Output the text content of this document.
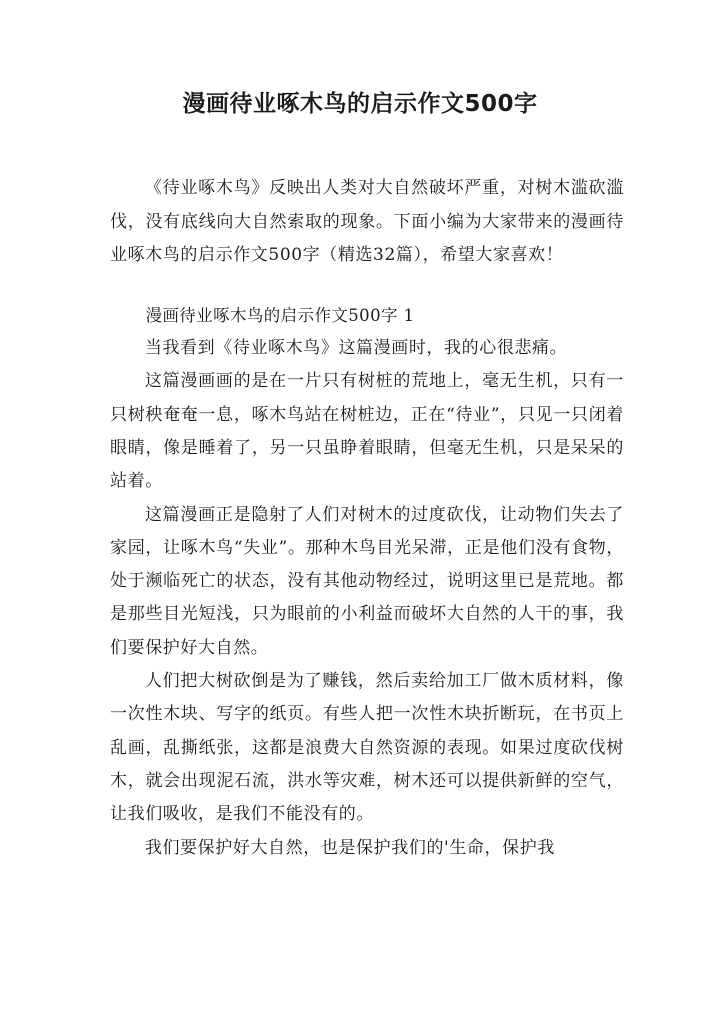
漫画待业啄木鸟的启示作文500字

《待业啄木鸟》反映出人类对大自然破坏严重，对树木滥砍滥伐，没有底线向大自然索取的现象。下面小编为大家带来的漫画待业啄木鸟的启示作文500字（精选32篇），希望大家喜欢！

漫画待业啄木鸟的启示作文500字 1

当我看到《待业啄木鸟》这篇漫画时，我的心很悲痛。

这篇漫画画的是在一片只有树桩的荒地上，毫无生机，只有一只树秧奄奄一息，啄木鸟站在树桩边，正在“待业”，只见一只闭着眼睛，像是睡着了，另一只虽睁着眼睛，但毫无生机，只是呆呆的站着。

这篇漫画正是隐射了人们对树木的过度砍伐，让动物们失去了家园，让啄木鸟“失业”。那种木鸟目光呆滞，正是他们没有食物，处于濒临死亡的状态，没有其他动物经过，说明这里已是荒地。都是那些目光短浅，只为眼前的小利益而破坏大自然的人干的事，我们要保护好大自然。

人们把大树砍倒是为了赚钱，然后卖给加工厂做木质材料，像一次性木块、写字的纸页。有些人把一次性木块折断玩，在书页上乱画，乱撕纸张，这都是浪费大自然资源的表现。如果过度砍伐树木，就会出现泥石流，洪水等灾难，树木还可以提供新鲜的空气，让我们吸收，是我们不能没有的。

我们要保护好大自然，也是保护我们的'生命，保护我
